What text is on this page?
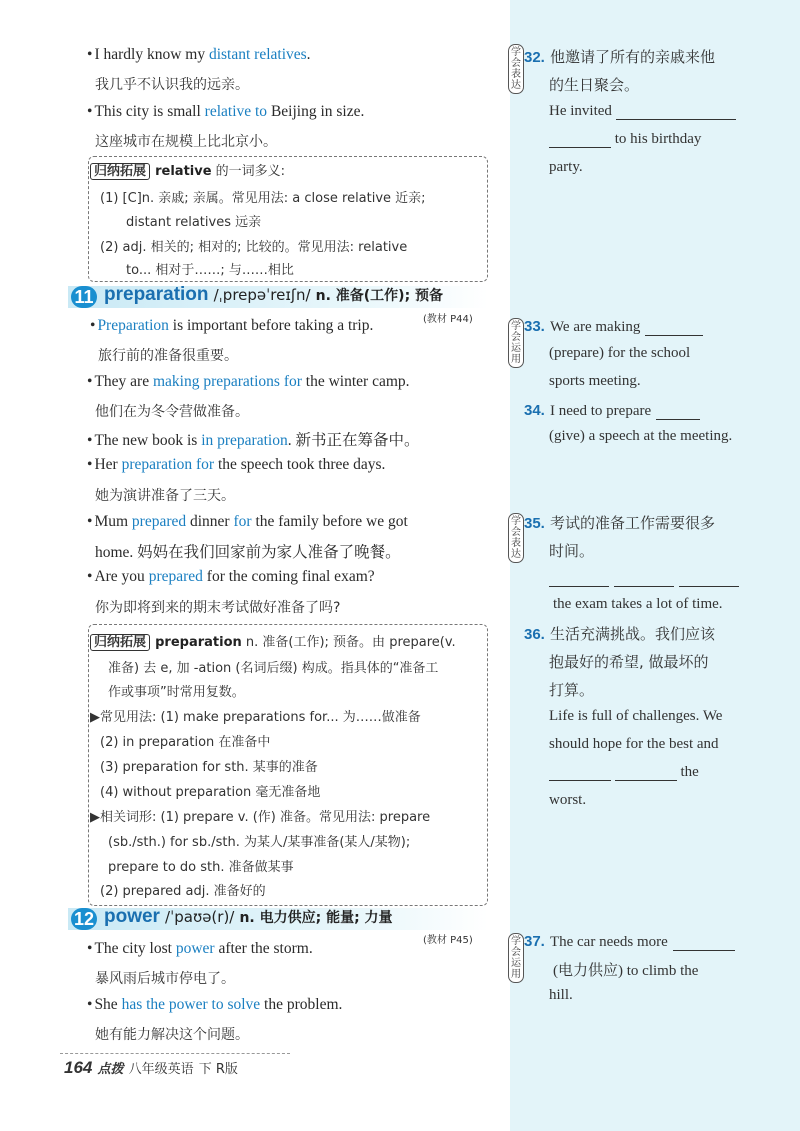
• I hardly know my distant relatives.
我几乎不认识我的远亲。
• This city is small relative to Beijing in size.
这座城市在规模上比北京小。
归纳拓展 relative 的一词多义:
(1) [C]n. 亲戚; 亲属。常见用法: a close relative 近亲;
distant relatives 远亲
(2) adj. 相关的; 相对的; 比较的。常见用法: relative
to... 相对于……; 与……相比
11 preparation /ˌprepəˈreɪʃn/ n. 准备(工作); 预备
(教材 P44)
• Preparation is important before taking a trip.
旅行前的准备很重要。
• They are making preparations for the winter camp.
他们在为冬令营做准备。
• The new book is in preparation. 新书正在筹备中。
• Her preparation for the speech took three days.
她为演讲准备了三天。
• Mum prepared dinner for the family before we got
home. 妈妈在我们回家前为家人准备了晚餐。
• Are you prepared for the coming final exam?
你为即将到来的期末考试做好准备了吗?
归纳拓展 preparation n. 准备(工作); 预备。由 prepare(v.
准备) 去 e, 加 -ation (名词后缀) 构成。指具体的“准备工
作或事项”时常用复数。
▶常见用法: (1) make preparations for... 为……做准备
(2) in preparation 在准备中
(3) preparation for sth. 某事的准备
(4) without preparation 毫无准备地
▶相关词形: (1) prepare v. (作) 准备。常见用法: prepare
(sb./sth.) for sb./sth. 为某人/某事准备(某人/某物);
prepare to do sth. 准备做某事
(2) prepared adj. 准备好的
12 power /ˈpaʊə(r)/ n. 电力供应; 能量; 力量
(教材 P45)
• The city lost power after the storm.
暴风雨后城市停电了。
• She has the power to solve the problem.
她有能力解决这个问题。
学会表达
32. 他邀请了所有的亲戚来他
的生日聚会。
He invited
to his birthday
party.
学会运用
33. We are making
(prepare) for the school
sports meeting.
34. I need to prepare
(give) a speech at the meeting.
学会表达
35. 考试的准备工作需要很多
时间。

the exam takes a lot of time.
36. 生活充满挑战。我们应该
抱最好的希望, 做最坏的
打算。
Life is full of challenges. We
should hope for the best and
the
worst.
学会运用
37. The car needs more
(电力供应) to climb the
hill.
164 点拨 八年级英语 下 R版
